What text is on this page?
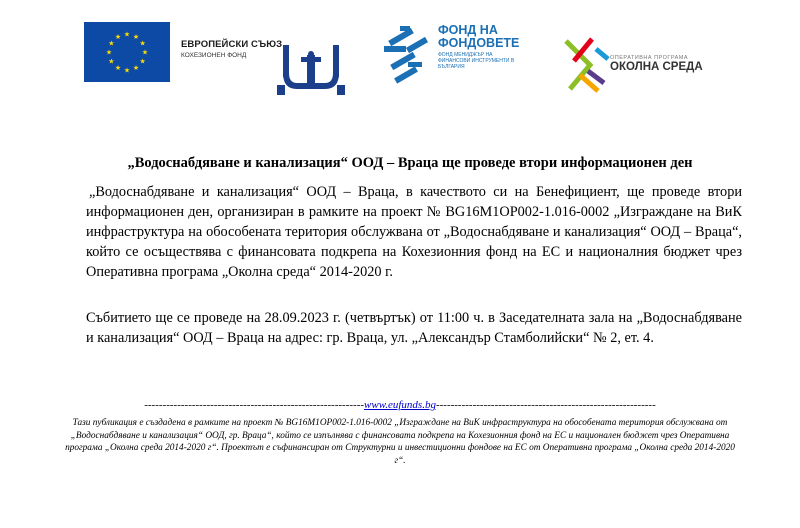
★ ★
★
★
★
★
★
★
★
★
★
★
ЕВРОПЕЙСКИ СЪЮЗ
КОХЕЗИОНЕН ФОНД
ФОНД НА
ФОНДОВЕТЕ
ФОНД МЕНИДЖЪР НА ФИНАНСОВИ ИНСТРУМЕНТИ В БЪЛГАРИЯ
ОПЕРАТИВНА ПРОГРАМА
ОКОЛНА СРЕДА
„Водоснабдяване и канализация“ ООД – Враца ще проведе втори информационен ден
„Водоснабдяване и канализация“ ООД – Враца, в качеството си на Бенефициент, ще проведе втори информационен ден, организиран в рамките на проект № BG16M1OP002-1.016-0002 „Изграждане на ВиК инфраструктура на обособената територия обслужвана от „Водоснабдяване и канализация“ ООД – Враца“, който се осъществява с финансовата подкрепа на Кохезионния фонд на ЕС и националния бюджет чрез Оперативна програма „Околна среда“ 2014-2020 г.
Събитието ще се проведе на 28.09.2023 г. (четвъртък) от 11:00 ч. в Заседателната зала на „Водоснабдяване и канализация“ ООД – Враца на адрес: гр. Враца, ул. „Александър Стамболийски“ № 2, ет. 4.
------------------------------------------------------------www.eufunds.bg------------------------------------------------------------
Тази публикация е създадена в рамките на проект № BG16M1OP002-1.016-0002 „Изграждане на ВиК инфраструктура на обособената територия обслужвана от „Водоснабдяване и канализация“ ООД, гр. Враца“, който се изпълнява с финансовата подкрепа на Кохезионния фонд на ЕС и национален бюджет чрез Оперативна програма „Околна среда 2014-2020 г“. Проектът е съфинансиран от Структурни и инвестиционни фондове на ЕС от Оперативна програма „Околна среда 2014-2020 г“.
